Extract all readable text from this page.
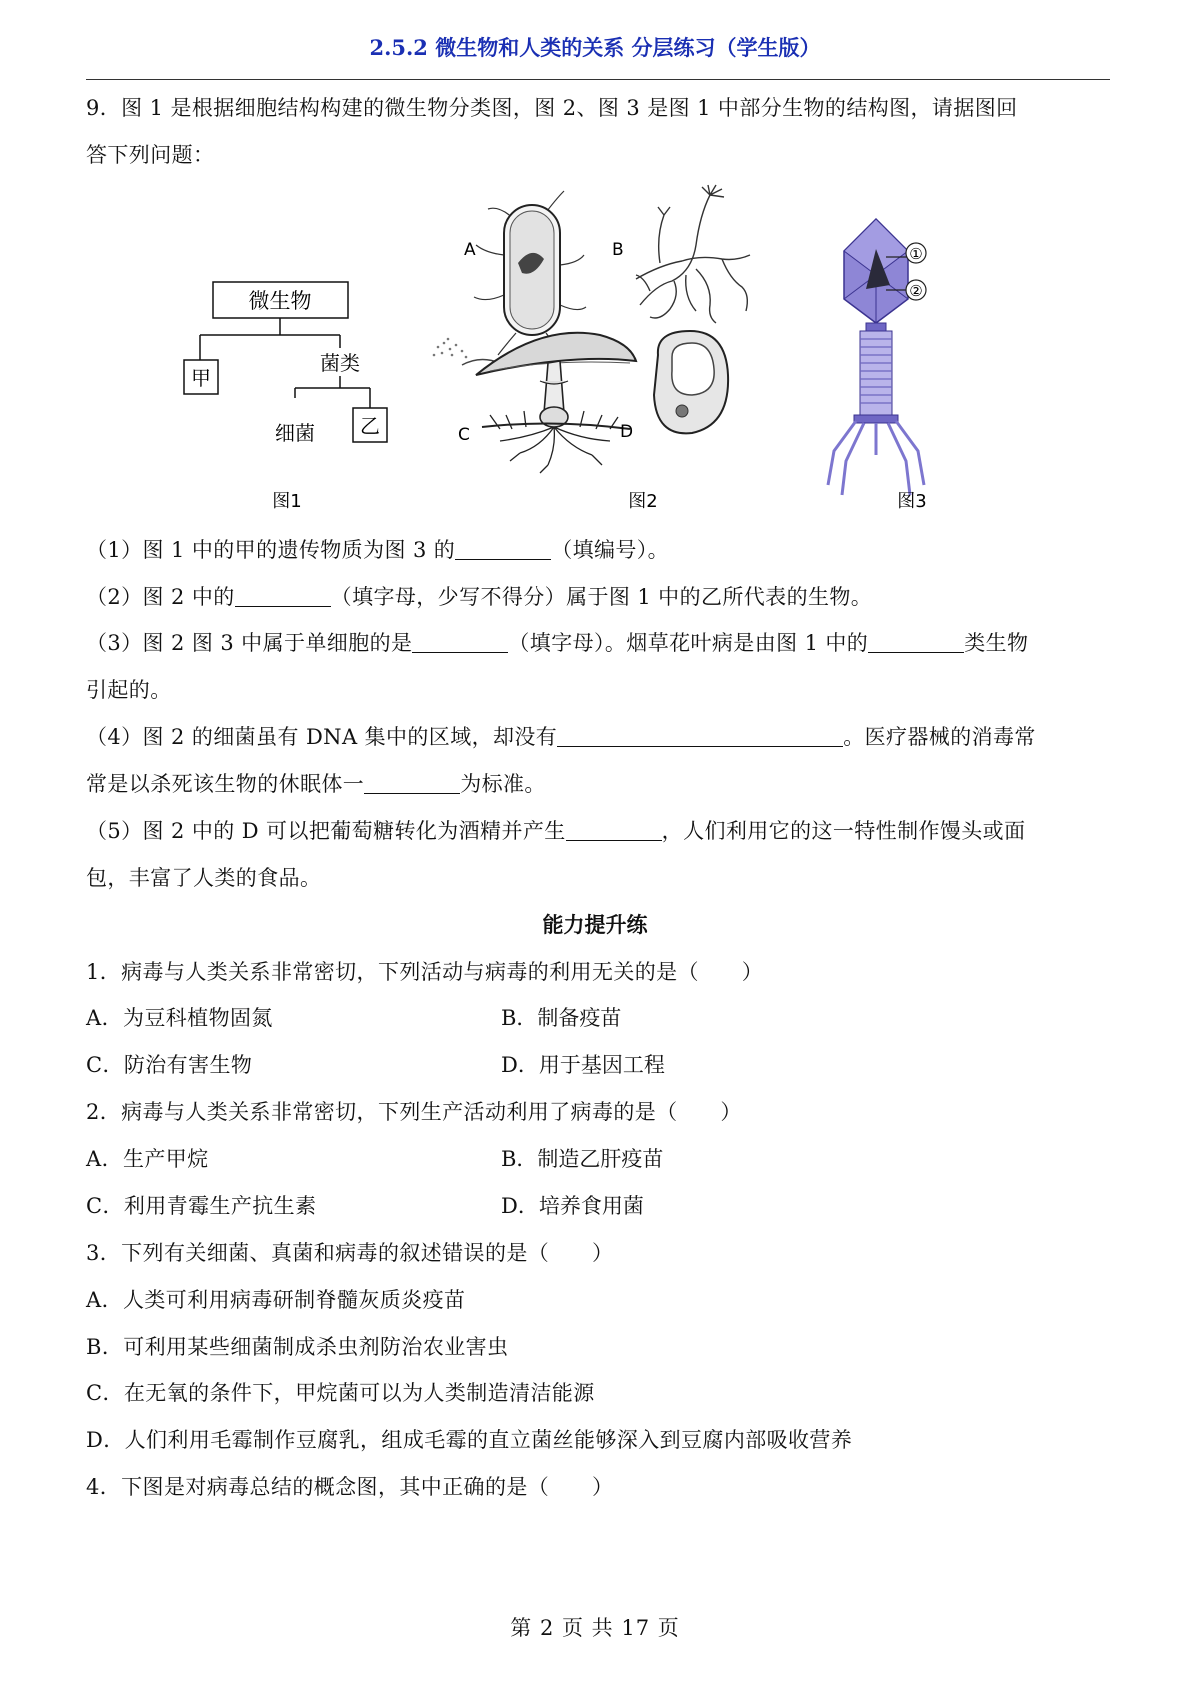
2.5.2 微生物和人类的关系 分层练习（学生版）
9．图 1 是根据细胞结构构建的微生物分类图，图 2、图 3 是图 1 中部分生物的结构图，请据图回
答下列问题：
微生物
甲
菌类
细菌 乙
图1
A	B
C	D
图2
①
②
图3
（1）图 1 中的甲的遗传物质为图 3 的	（填编号）。
（2）图 2 中的	（填字母，少写不得分）属于图 1 中的乙所代表的生物。
（3）图 2 图 3 中属于单细胞的是	（填字母）。烟草花叶病是由图 1 中的	类生物
引起的。
（4）图 2 的细菌虽有 DNA 集中的区域，却没有	。医疗器械的消毒常
常是以杀死该生物的休眠体一	为标准。
（5）图 2 中的 D 可以把葡萄糖转化为酒精并产生	，人们利用它的这一特性制作馒头或面
包，丰富了人类的食品。
能力提升练
1．病毒与人类关系非常密切，下列活动与病毒的利用无关的是（　　）
A．为豆科植物固氮	B．制备疫苗
C．防治有害生物	D．用于基因工程
2．病毒与人类关系非常密切，下列生产活动利用了病毒的是（　　）
A．生产甲烷	B．制造乙肝疫苗
C．利用青霉生产抗生素	D．培养食用菌
3．下列有关细菌、真菌和病毒的叙述错误的是（　　）
A．人类可利用病毒研制脊髓灰质炎疫苗
B．可利用某些细菌制成杀虫剂防治农业害虫
C．在无氧的条件下，甲烷菌可以为人类制造清洁能源
D．人们利用毛霉制作豆腐乳，组成毛霉的直立菌丝能够深入到豆腐内部吸收营养
4．下图是对病毒总结的概念图，其中正确的是（　　）
第 2 页 共 17 页
